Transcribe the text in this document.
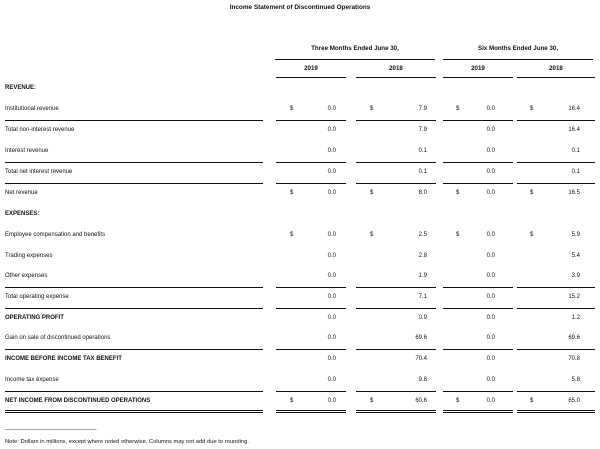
Income Statement of Discontinued Operations
Three Months Ended June 30,	Six Months Ended June 30,
2019	2018	2019	2018
REVENUE:
Institutional revenue	$	0.0	$	7.9	$	0.0	$	16.4
Total non-interest revenue	0.0	7.9	0.0	16.4
Interest revenue	0.0	0.1	0.0	0.1
Total net interest revenue	0.0	0.1	0.0	0.1
Net revenue	$	0.0	$	8.0	$	0.0	$	16.5
EXPENSES:
Employee compensation and benefits	$	0.0	$	2.5	$	0.0	$	5.9
Trading expenses	0.0	2.8	0.0	5.4
Other expenses	0.0	1.9	0.0	3.9
Total operating expense	0.0	7.1	0.0	15.2
OPERATING PROFIT	0.0	0.9	0.0	1.2
Gain on sale of discontinued operations	0.0	69.6	0.0	69.6
INCOME BEFORE INCOME TAX BENEFIT	0.0	70.4	0.0	70.8
Income tax expense	0.0	9.8	0.0	5.8
NET INCOME FROM DISCONTINUED OPERATIONS	$	0.0	$	60.6	$	0.0	$	65.0
______________________________
Note: Dollars in millions, except where noted otherwise. Columns may not add due to rounding.
